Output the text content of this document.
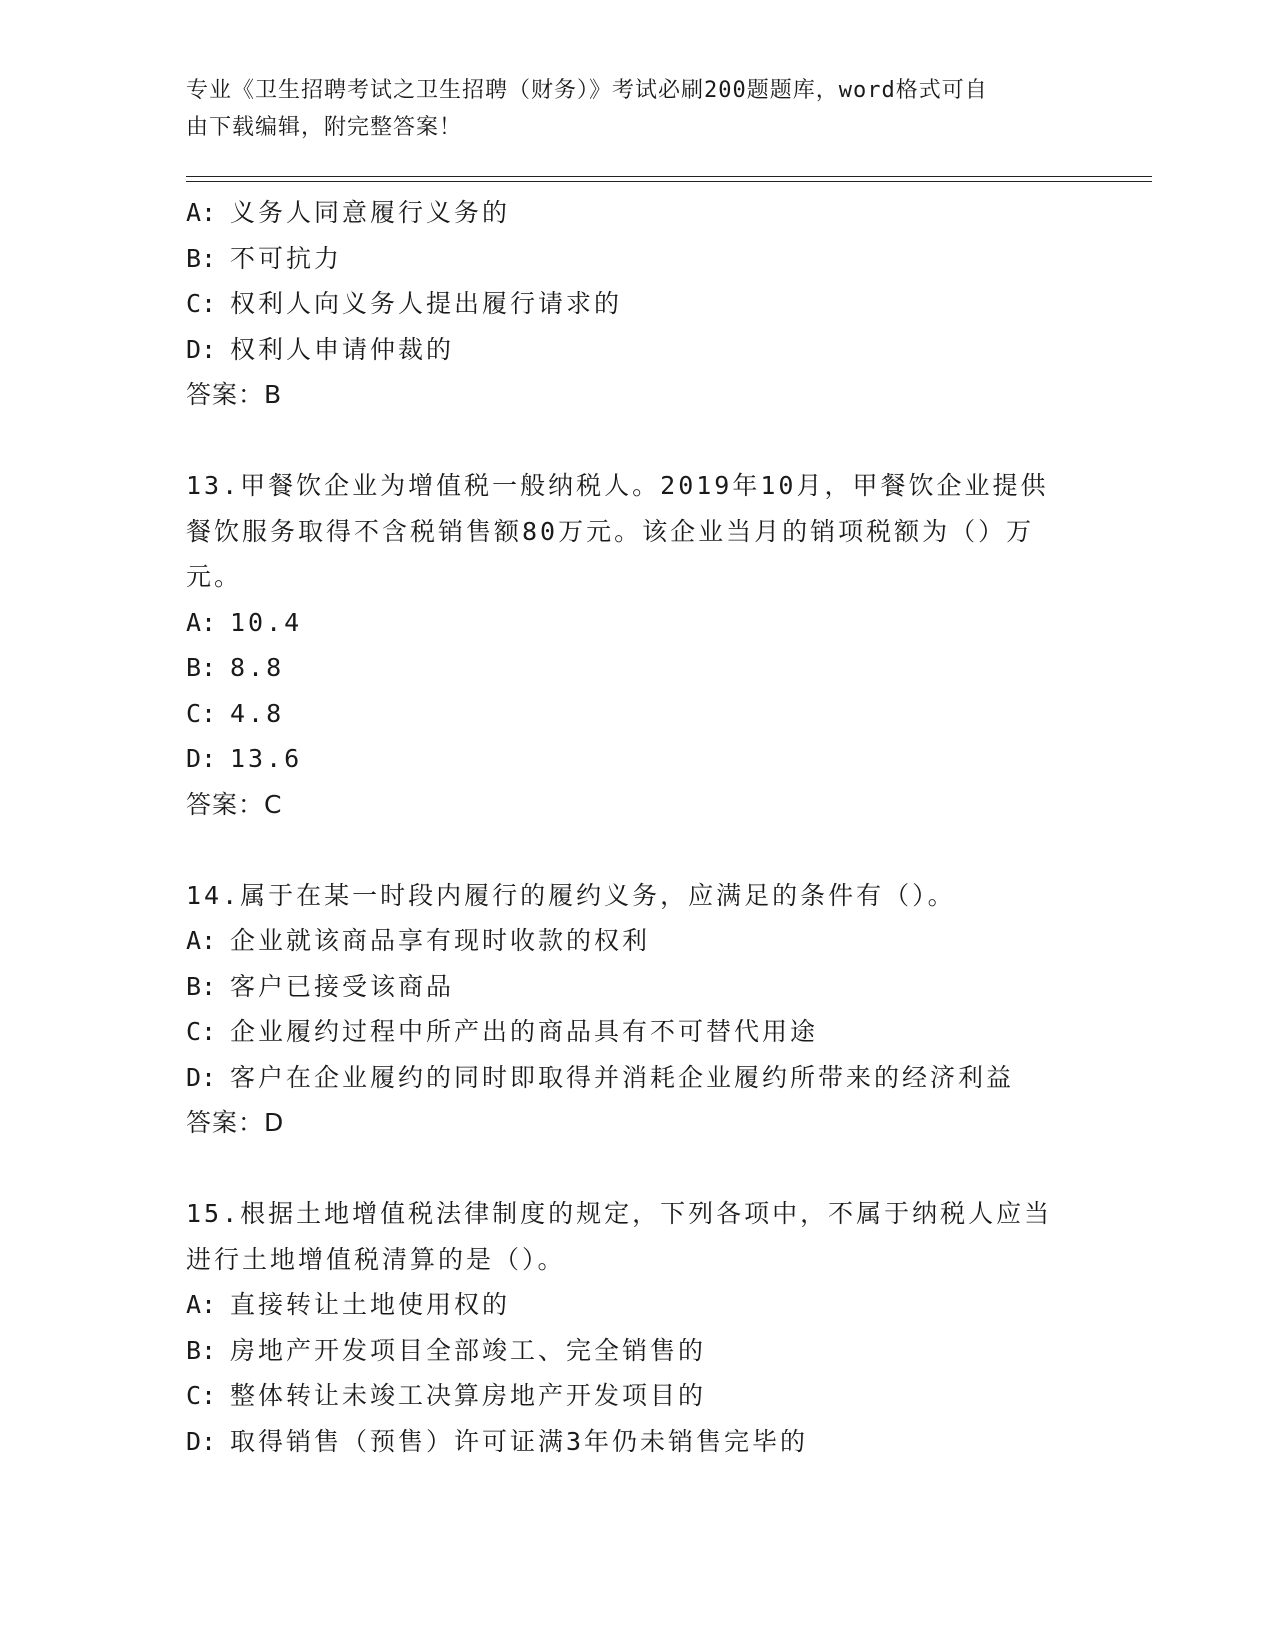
专业《卫生招聘考试之卫生招聘（财务）》考试必刷200题题库，word格式可自
由下载编辑，附完整答案！
A: 义务人同意履行义务的
B: 不可抗力
C: 权利人向义务人提出履行请求的
D: 权利人申请仲裁的
答案：B
13.甲餐饮企业为增值税一般纳税人。2019年10月，甲餐饮企业提供
餐饮服务取得不含税销售额80万元。该企业当月的销项税额为（）万
元。
A: 10.4
B: 8.8
C: 4.8
D: 13.6
答案：C
14.属于在某一时段内履行的履约义务，应满足的条件有（）。
A: 企业就该商品享有现时收款的权利
B: 客户已接受该商品
C: 企业履约过程中所产出的商品具有不可替代用途
D: 客户在企业履约的同时即取得并消耗企业履约所带来的经济利益
答案：D
15.根据土地增值税法律制度的规定，下列各项中，不属于纳税人应当
进行土地增值税清算的是（）。
A: 直接转让土地使用权的
B: 房地产开发项目全部竣工、完全销售的
C: 整体转让未竣工决算房地产开发项目的
D: 取得销售（预售）许可证满3年仍未销售完毕的
